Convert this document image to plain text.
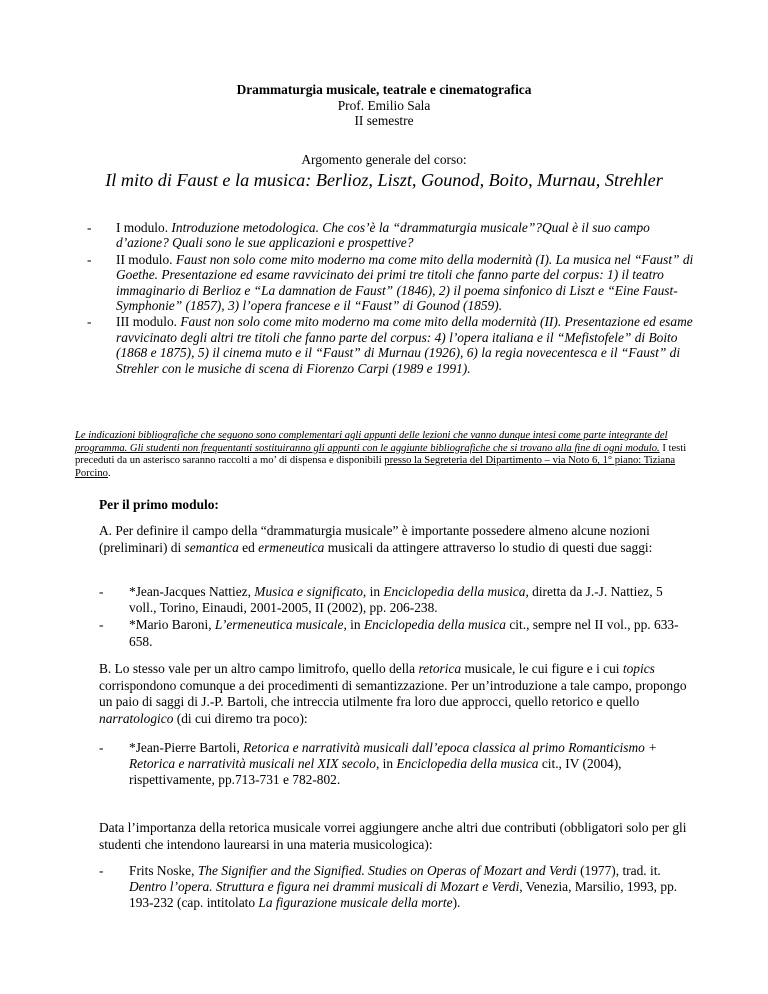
Drammaturgia musicale, teatrale e cinematografica
Prof. Emilio Sala
II semestre
Argomento generale del corso:
Il mito di Faust e la musica: Berlioz, Liszt, Gounod, Boito, Murnau, Strehler
-	I modulo. Introduzione metodologica. Che cos’è la “drammaturgia musicale”?Qual è il suo campo d’azione? Quali sono le sue applicazioni e prospettive?
-	II modulo. Faust non solo come mito moderno ma come mito della modernità (I). La musica nel “Faust” di Goethe. Presentazione ed esame ravvicinato dei primi tre titoli che fanno parte del corpus: 1) il teatro immaginario di Berlioz e “La damnation de Faust” (1846), 2) il poema sinfonico di Liszt e “Eine Faust-Symphonie” (1857), 3) l’opera francese e il “Faust” di Gounod (1859).
-	III modulo. Faust non solo come mito moderno ma come mito della modernità (II). Presentazione ed esame ravvicinato degli altri tre titoli che fanno parte del corpus: 4) l’opera italiana e il “Mefistofele” di Boito (1868 e 1875), 5) il cinema muto e il “Faust” di Murnau (1926), 6) la regia novecentesca e il “Faust” di Strehler con le musiche di scena di Fiorenzo Carpi (1989 e 1991).
Le indicazioni bibliografiche che seguono sono complementari agli appunti delle lezioni che vanno dunque intesi come parte integrante del programma. Gli studenti non frequentanti sostituiranno gli appunti con le aggiunte bibliografiche che si trovano alla fine di ogni modulo. I testi preceduti da un asterisco saranno raccolti a mo’ di dispensa e disponibili presso la Segreteria del Dipartimento – via Noto 6, 1° piano: Tiziana Porcino.
Per il primo modulo:
A. Per definire il campo della “drammaturgia musicale” è importante possedere almeno alcune nozioni (preliminari) di semantica ed ermeneutica musicali da attingere attraverso lo studio di questi due saggi:
-	*Jean-Jacques Nattiez, Musica e significato, in Enciclopedia della musica, diretta da J.-J. Nattiez, 5 voll., Torino, Einaudi, 2001-2005, II (2002), pp. 206-238.
-	*Mario Baroni, L’ermeneutica musicale, in Enciclopedia della musica cit., sempre nel II vol., pp. 633-658.
B. Lo stesso vale per un altro campo limitrofo, quello della retorica musicale, le cui figure e i cui topics corrispondono comunque a dei procedimenti di semantizzazione. Per un’introduzione a tale campo, propongo un paio di saggi di J.-P. Bartoli, che intreccia utilmente fra loro due approcci, quello retorico e quello narratologico (di cui diremo tra poco):
-	*Jean-Pierre Bartoli, Retorica e narratività musicali dall’epoca classica al primo Romanticismo + Retorica e narratività musicali nel XIX secolo, in Enciclopedia della musica cit., IV (2004), rispettivamente, pp.713-731 e 782-802.
Data l’importanza della retorica musicale vorrei aggiungere anche altri due contributi (obbligatori solo per gli studenti che intendono laurearsi in una materia musicologica):
-	Frits Noske, The Signifier and the Signified. Studies on Operas of Mozart and Verdi (1977), trad. it. Dentro l’opera. Struttura e figura nei drammi musicali di Mozart e Verdi, Venezia, Marsilio, 1993, pp. 193-232 (cap. intitolato La figurazione musicale della morte).
